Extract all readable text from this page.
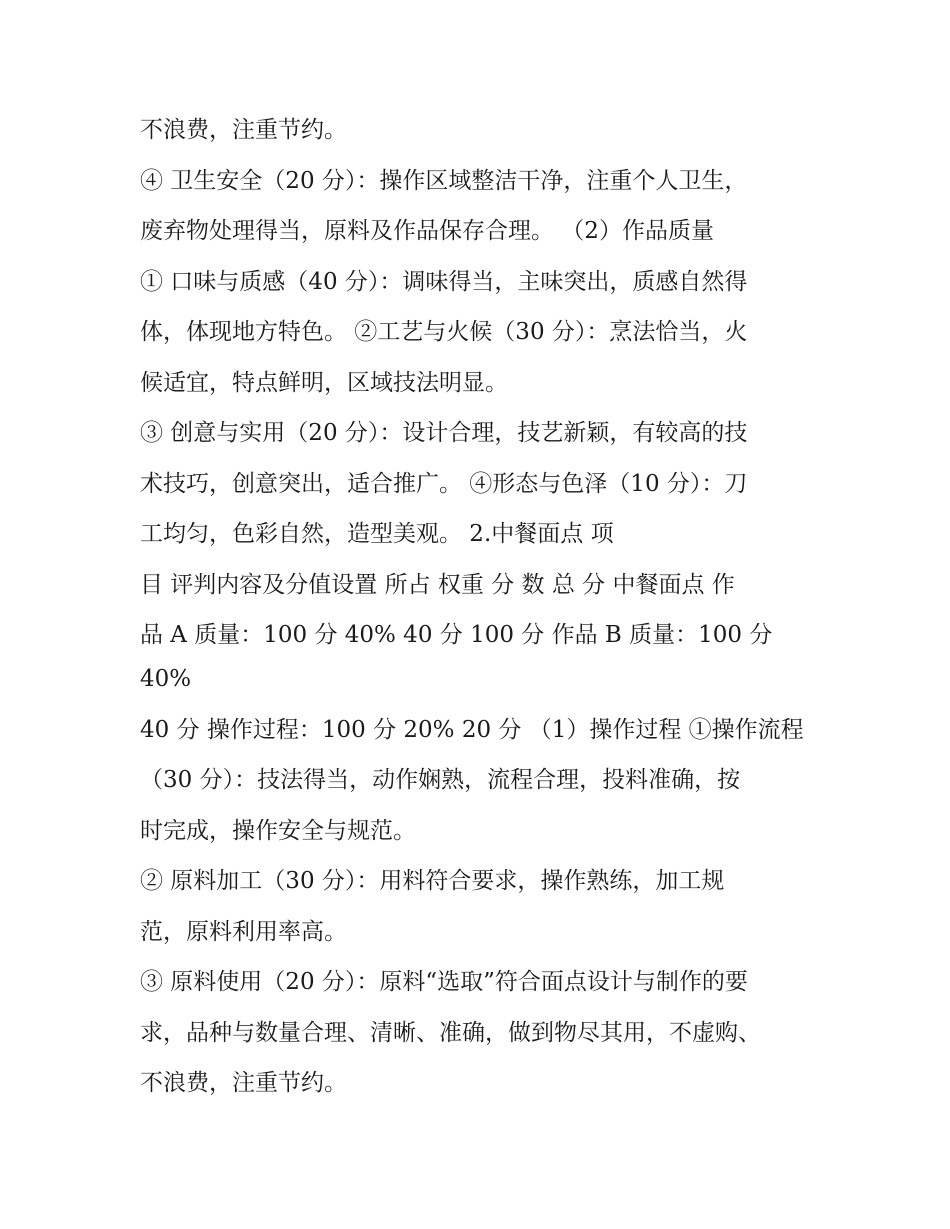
不浪费，注重节约。
④ 卫生安全（20 分）：操作区域整洁干净，注重个人卫生，
废弃物处理得当，原料及作品保存合理。 （2）作品质量
① 口味与质感（40 分）：调味得当，主味突出，质感自然得
体，体现地方特色。 ②工艺与火候（30 分）：烹法恰当，火
候适宜，特点鲜明，区域技法明显。
③ 创意与实用（20 分）：设计合理，技艺新颖，有较高的技
术技巧，创意突出，适合推广。 ④形态与色泽（10 分）：刀
工均匀，色彩自然，造型美观。 2.中餐面点 项
目 评判内容及分值设置 所占 权重 分 数 总 分 中餐面点 作
品 A 质量：100 分 40% 40 分 100 分 作品 B 质量：100 分
40%
40 分 操作过程：100 分 20% 20 分 （1）操作过程 ①操作流程
（30 分）：技法得当，动作娴熟，流程合理，投料准确，按
时完成，操作安全与规范。
② 原料加工（30 分）：用料符合要求，操作熟练，加工规
范，原料利用率高。
③ 原料使用（20 分）：原料“选取”符合面点设计与制作的要
求，品种与数量合理、清晰、准确，做到物尽其用，不虚购、
不浪费，注重节约。
